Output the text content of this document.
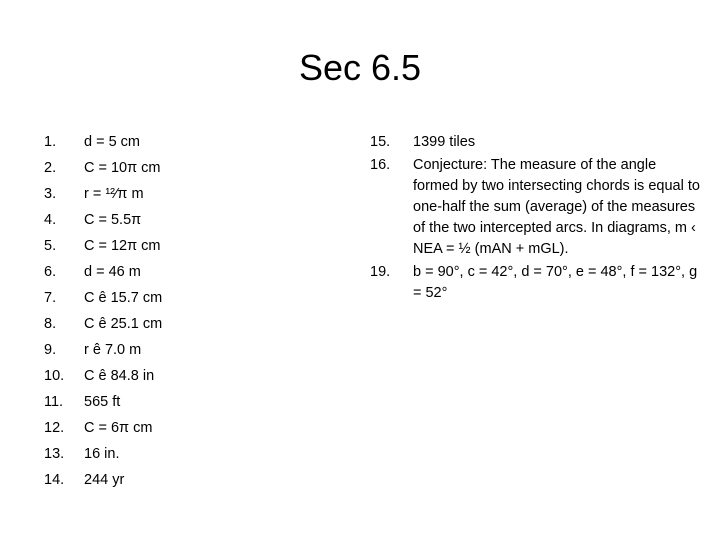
Sec 6.5
1.	d = 5 cm
2.	C = 10π cm
3.	r = ¹²⁄π m
4.	C = 5.5π
5.	C = 12π cm
6.	d = 46 m
7.	C ê 15.7 cm
8.	C ê 25.1 cm
9.	r ê 7.0 m
10.	C ê 84.8 in
11.	565 ft
12.	C = 6π cm
13.	16 in.
14.	244 yr
15.	1399 tiles
16.	Conjecture: The measure of the angle formed by two intersecting chords is equal to one-half the sum (average) of the measures of the two intercepted arcs. In diagrams, m ‹ NEA = ½ (mAN + mGL).
19.	b = 90°, c = 42°, d = 70°, e = 48°, f = 132°, g = 52°
